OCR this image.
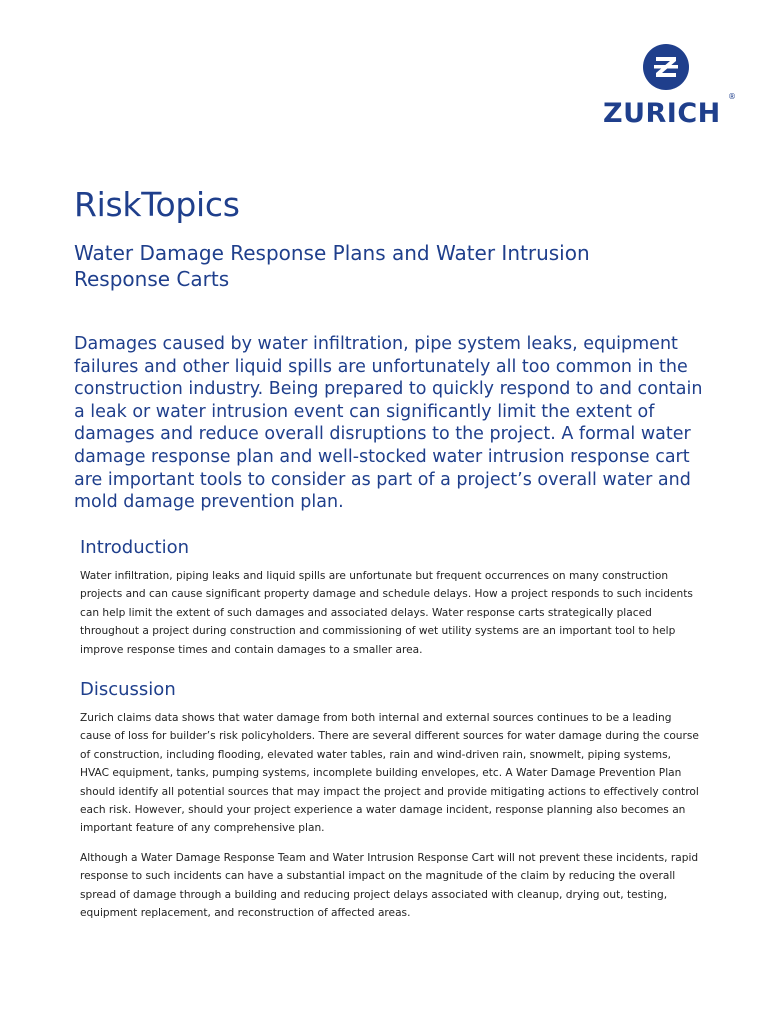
ZURICH
®
RiskTopics
Water Damage Response Plans and Water Intrusion Response Carts

Damages caused by water infiltration, pipe system leaks, equipment failures and other liquid spills are unfortunately all too common in the construction industry. Being prepared to quickly respond to and contain a leak or water intrusion event can significantly limit the extent of damages and reduce overall disruptions to the project. A formal water damage response plan and well-stocked water intrusion response cart are important tools to consider as part of a project’s overall water and mold damage prevention plan.

Introduction

Water infiltration, piping leaks and liquid spills are unfortunate but frequent occurrences on many construction projects and can cause significant property damage and schedule delays. How a project responds to such incidents can help limit the extent of such damages and associated delays. Water response carts strategically placed throughout a project during construction and commissioning of wet utility systems are an important tool to help improve response times and contain damages to a smaller area.

Discussion

Zurich claims data shows that water damage from both internal and external sources continues to be a leading cause of loss for builder’s risk policyholders. There are several different sources for water damage during the course of construction, including flooding, elevated water tables, rain and wind-driven rain, snowmelt, piping systems, HVAC equipment, tanks, pumping systems, incomplete building envelopes, etc. A Water Damage Prevention Plan should identify all potential sources that may impact the project and provide mitigating actions to effectively control each risk. However, should your project experience a water damage incident, response planning also becomes an important feature of any comprehensive plan.

Although a Water Damage Response Team and Water Intrusion Response Cart will not prevent these incidents, rapid response to such incidents can have a substantial impact on the magnitude of the claim by reducing the overall spread of damage through a building and reducing project delays associated with cleanup, drying out, testing, equipment replacement, and reconstruction of affected areas.
